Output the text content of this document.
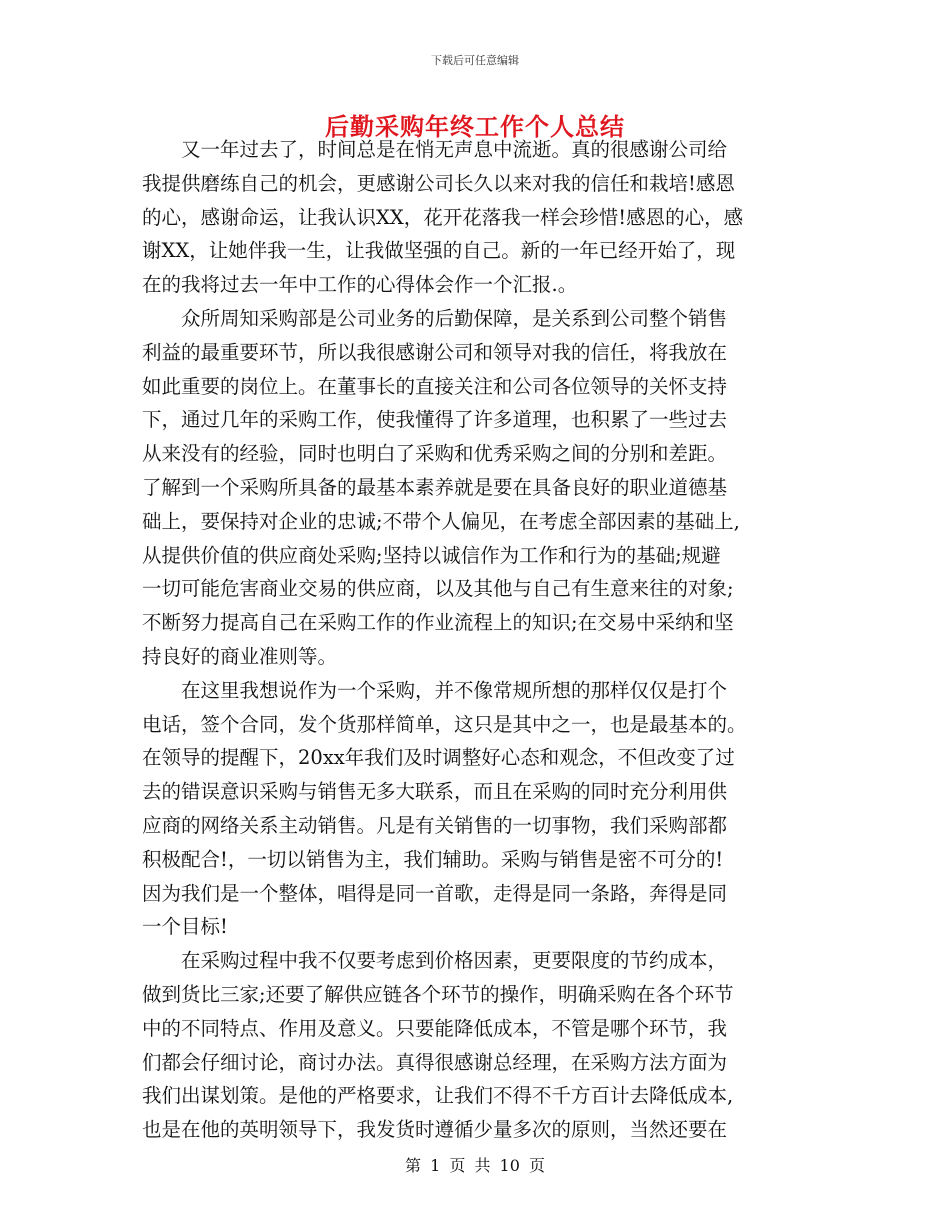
下载后可任意编辑
后勤采购年终工作个人总结
　　又一年过去了，时间总是在悄无声息中流逝。真的很感谢公司给
我提供磨练自己的机会，更感谢公司长久以来对我的信任和栽培!感恩
的心，感谢命运，让我认识XX，花开花落我一样会珍惜!感恩的心，感
谢XX，让她伴我一生，让我做坚强的自己。新的一年已经开始了，现
在的我将过去一年中工作的心得体会作一个汇报.。
　　众所周知采购部是公司业务的后勤保障，是关系到公司整个销售
利益的最重要环节，所以我很感谢公司和领导对我的信任，将我放在
如此重要的岗位上。在董事长的直接关注和公司各位领导的关怀支持
下，通过几年的采购工作，使我懂得了许多道理，也积累了一些过去
从来没有的经验，同时也明白了采购和优秀采购之间的分别和差距。
了解到一个采购所具备的最基本素养就是要在具备良好的职业道德基
础上，要保持对企业的忠诚;不带个人偏见，在考虑全部因素的基础上,
从提供价值的供应商处采购;坚持以诚信作为工作和行为的基础;规避
一切可能危害商业交易的供应商，以及其他与自己有生意来往的对象;
不断努力提高自己在采购工作的作业流程上的知识;在交易中采纳和坚
持良好的商业准则等。
　　在这里我想说作为一个采购，并不像常规所想的那样仅仅是打个
电话，签个合同，发个货那样简单，这只是其中之一，也是最基本的。
在领导的提醒下，20xx年我们及时调整好心态和观念，不但改变了过
去的错误意识采购与销售无多大联系，而且在采购的同时充分利用供
应商的网络关系主动销售。凡是有关销售的一切事物，我们采购部都
积极配合!，一切以销售为主，我们辅助。采购与销售是密不可分的!
因为我们是一个整体，唱得是同一首歌，走得是同一条路，奔得是同
一个目标!
　　在采购过程中我不仅要考虑到价格因素，更要限度的节约成本，
做到货比三家;还要了解供应链各个环节的操作，明确采购在各个环节
中的不同特点、作用及意义。只要能降低成本，不管是哪个环节，我
们都会仔细讨论，商讨办法。真得很感谢总经理，在采购方法方面为
我们出谋划策。是他的严格要求，让我们不得不千方百计去降低成本,
也是在他的英明领导下，我发货时遵循少量多次的原则，当然还要在
第 1 页 共 10 页
